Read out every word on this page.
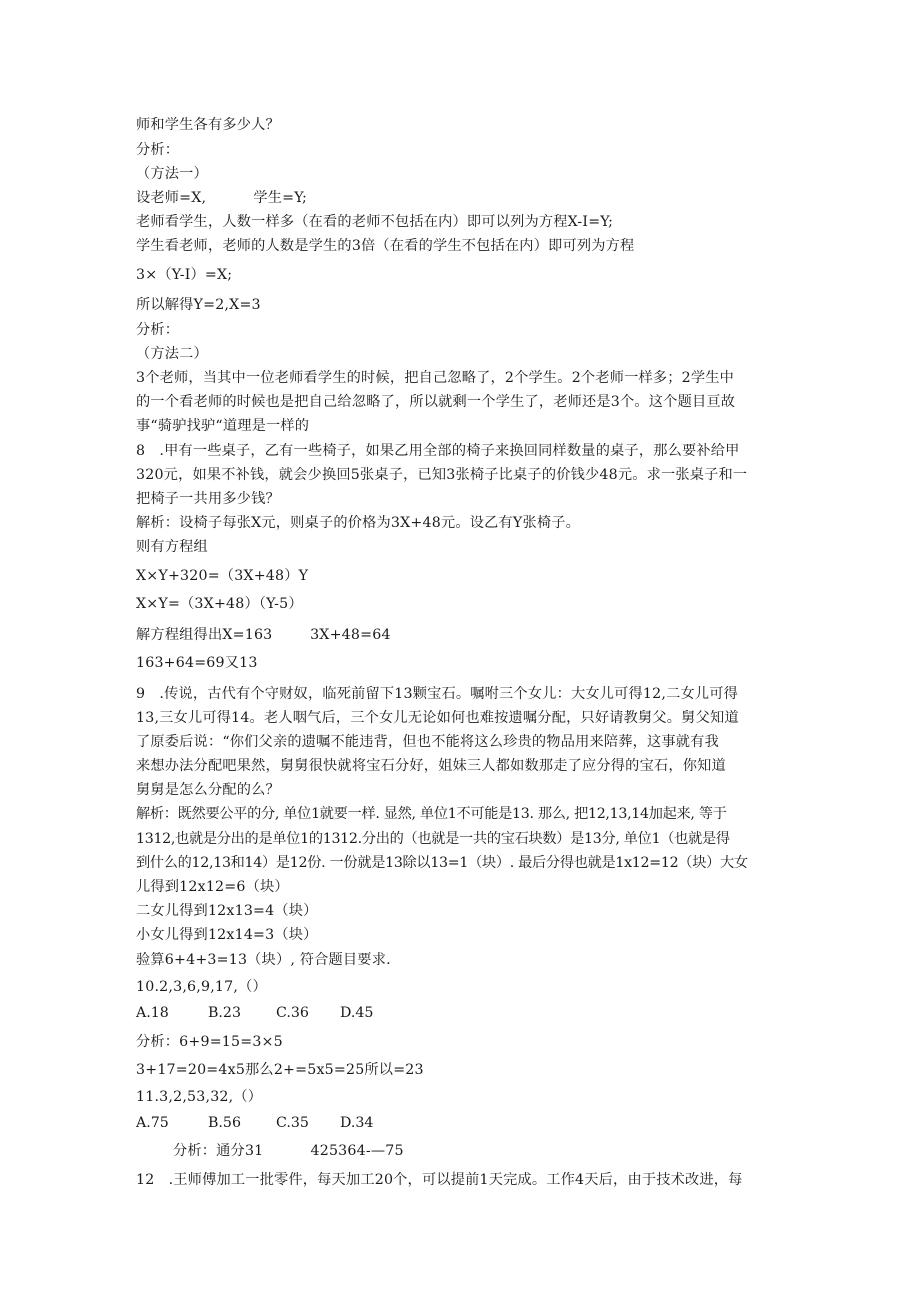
师和学生各有多少人？
分析：
（方法一）
设老师=X,          学生=Y;
老师看学生，人数一样多（在看的老师不包括在内）即可以列为方程X-I=Y;
学生看老师，老师的人数是学生的3倍（在看的学生不包括在内）即可列为方程
3×（Y-I）=X;
所以解得Y=2,X=3
分析：
（方法二）
3个老师，当其中一位老师看学生的时候，把自己忽略了，2个学生。2个老师一样多；2学生中
的一个看老师的时候也是把自己给忽略了，所以就剩一个学生了，老师还是3个。这个题目亘故
事“骑驴找驴“道理是一样的
8   .甲有一些桌子，乙有一些椅子，如果乙用全部的椅子来换回同样数量的桌子，那么要补给甲
320元，如果不补钱，就会少换回5张桌子，已知3张椅子比桌子的价钱少48元。求一张桌子和一
把椅子一共用多少钱？
解析：设椅子每张X元，则桌子的价格为3X+48元。设乙有Y张椅子。
则有方程组
X×Y+320=（3X+48）Y
X×Y=（3X+48）（Y-5）
解方程组得出X=163        3X+48=64
163+64=69又13
9   .传说，古代有个守财奴，临死前留下13颗宝石。嘱咐三个女儿：大女儿可得12,二女儿可得
13,三女儿可得14。老人咽气后，三个女儿无论如何也难按遗嘱分配，只好请教舅父。舅父知道
了原委后说：“你们父亲的遗嘱不能违背，但也不能将这么珍贵的物品用来陪葬，这事就有我
来想办法分配吧果然，舅舅很快就将宝石分好，姐妹三人都如数那走了应分得的宝石，你知道
舅舅是怎么分配的么？
解析：既然要公平的分, 单位1就要一样. 显然, 单位1不可能是13. 那么, 把12,13,14加起来, 等于
1312,也就是分出的是单位1的1312.分出的（也就是一共的宝石块数）是13分, 单位1（也就是得
到什么的12,13和14）是12份. 一份就是13除以13=1（块）. 最后分得也就是1x12=12（块）大女
儿得到12x12=6（块）
二女儿得到12x13=4（块）
小女儿得到12x14=3（块）
验算6+4+3=13（块）, 符合题目要求.
10.2,3,6,9,17,（）
A.18	B.23 C.36 D.45
分析：6+9=15=3×5
3+17=20=4x5那么2+=5x5=25所以=23
11.3,2,53,32,（）
A.75	B.56 C.35 D.34
分析：通分31          425364-—75
12   .王师傅加工一批零件，每天加工20个，可以提前1天完成。工作4天后，由于技术改进，每
